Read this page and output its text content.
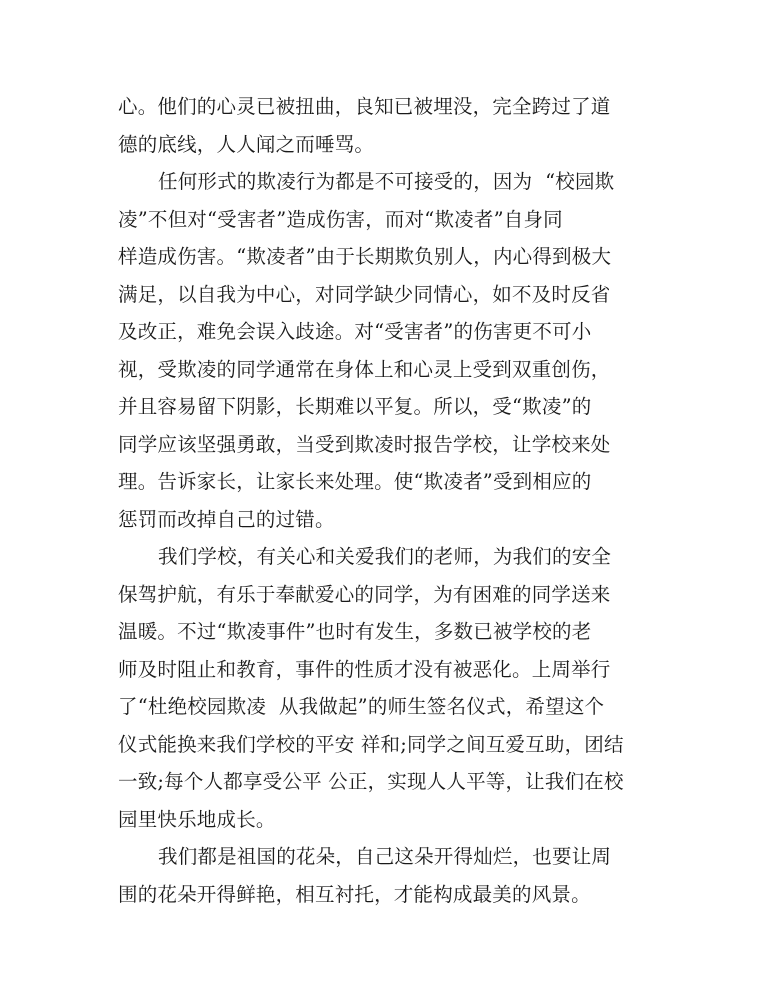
心。他们的心灵已被扭曲，良知已被埋没，完全跨过了道
德的底线，人人闻之而唾骂。
任何形式的欺凌行为都是不可接受的，因为  “校园欺
凌”不但对“受害者”造成伤害，而对“欺凌者”自身同
样造成伤害。“欺凌者”由于长期欺负别人，内心得到极大
满足，以自我为中心，对同学缺少同情心，如不及时反省
及改正，难免会误入歧途。对“受害者”的伤害更不可小
视，受欺凌的同学通常在身体上和心灵上受到双重创伤，
并且容易留下阴影，长期难以平复。所以，受“欺凌”的
同学应该坚强勇敢，当受到欺凌时报告学校，让学校来处
理。告诉家长，让家长来处理。使“欺凌者”受到相应的
惩罚而改掉自己的过错。
我们学校，有关心和关爱我们的老师，为我们的安全
保驾护航，有乐于奉献爱心的同学，为有困难的同学送来
温暖。不过“欺凌事件”也时有发生，多数已被学校的老
师及时阻止和教育，事件的性质才没有被恶化。上周举行
了“杜绝校园欺凌  从我做起”的师生签名仪式，希望这个
仪式能换来我们学校的平安 祥和;同学之间互爱互助，团结
一致;每个人都享受公平 公正，实现人人平等，让我们在校
园里快乐地成长。
我们都是祖国的花朵，自己这朵开得灿烂，也要让周
围的花朵开得鲜艳，相互衬托，才能构成最美的风景。
